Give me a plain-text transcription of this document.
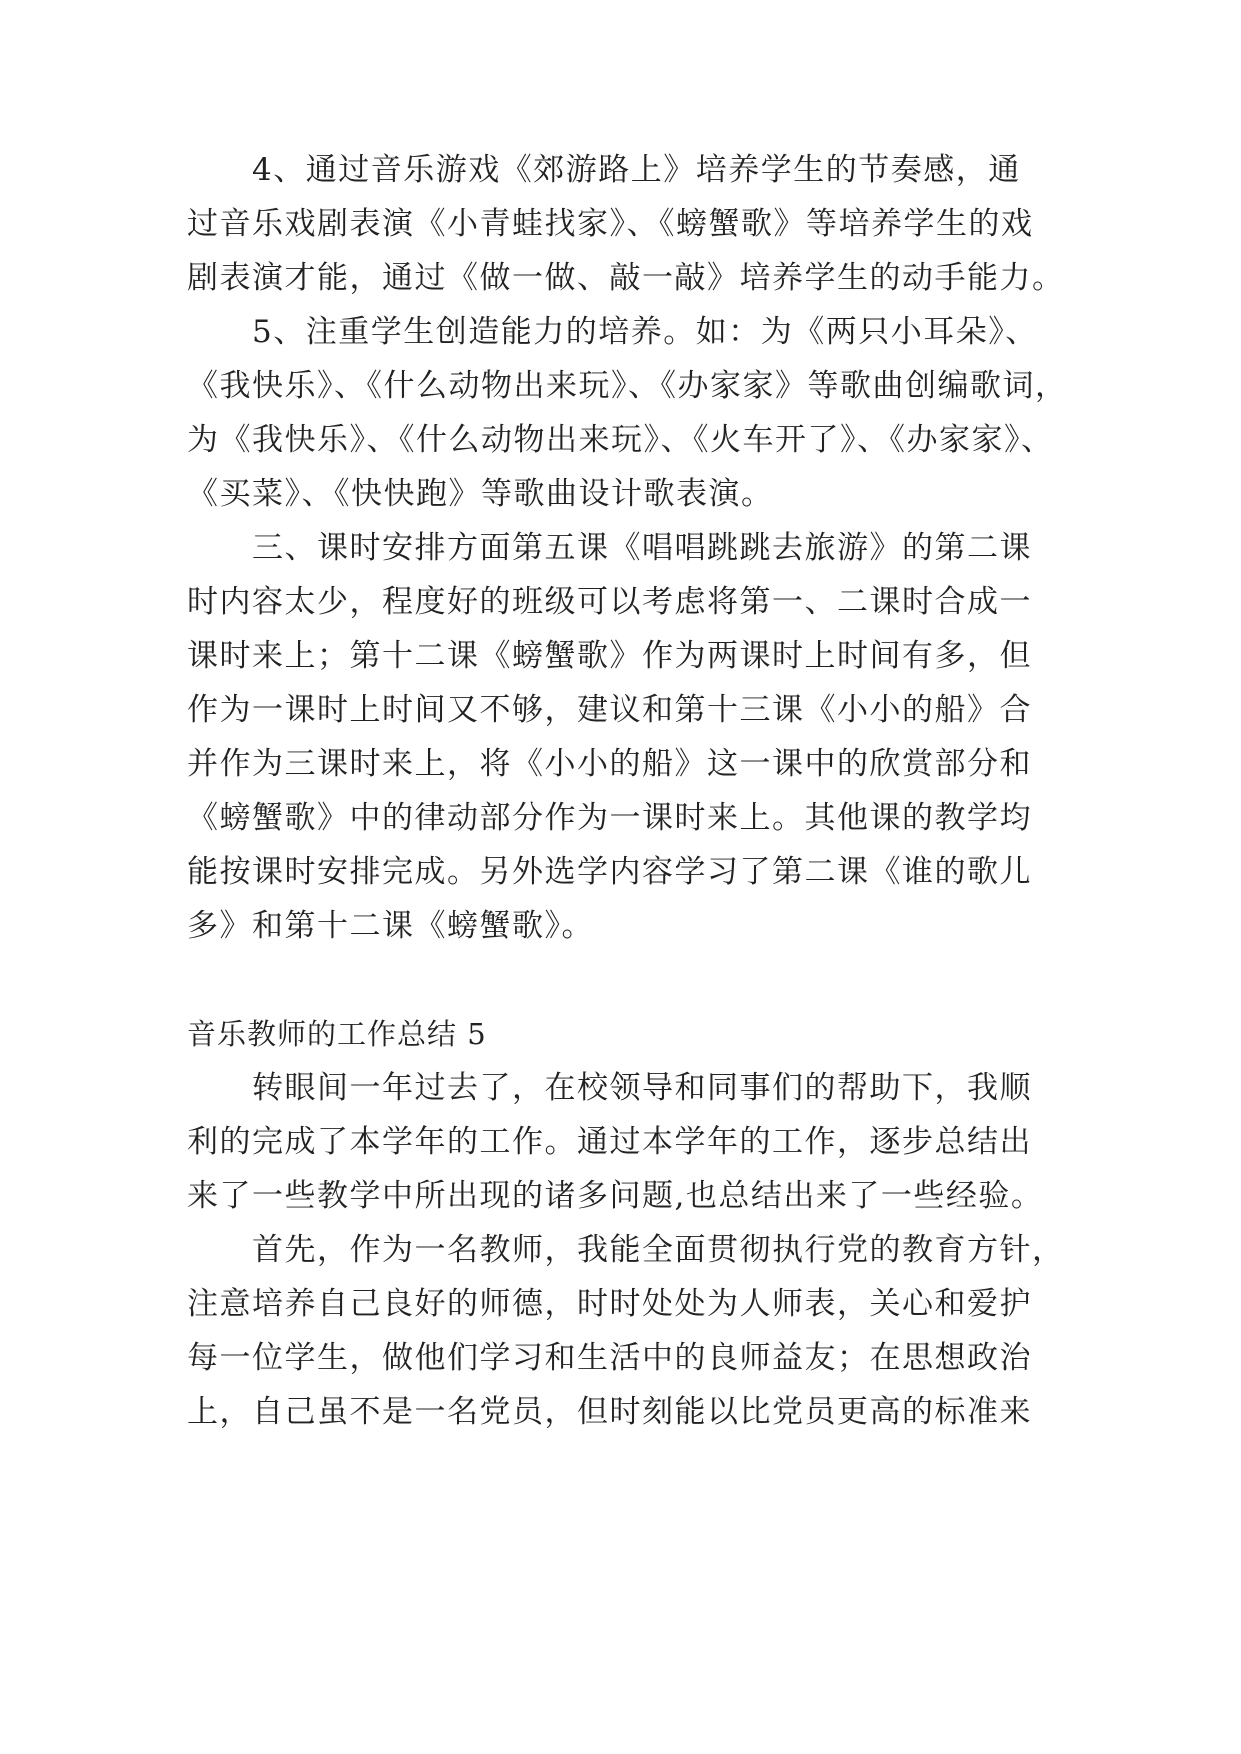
4、通过音乐游戏《郊游路上》培养学生的节奏感，通
过音乐戏剧表演《小青蛙找家》、《螃蟹歌》等培养学生的戏
剧表演才能，通过《做一做、敲一敲》培养学生的动手能力。
5、注重学生创造能力的培养。如：为《两只小耳朵》、
《我快乐》、《什么动物出来玩》、《办家家》等歌曲创编歌词，
为《我快乐》、《什么动物出来玩》、《火车开了》、《办家家》、
《买菜》、《快快跑》等歌曲设计歌表演。
三、课时安排方面第五课《唱唱跳跳去旅游》的第二课
时内容太少，程度好的班级可以考虑将第一、二课时合成一
课时来上；第十二课《螃蟹歌》作为两课时上时间有多，但
作为一课时上时间又不够，建议和第十三课《小小的船》合
并作为三课时来上，将《小小的船》这一课中的欣赏部分和
《螃蟹歌》中的律动部分作为一课时来上。其他课的教学均
能按课时安排完成。另外选学内容学习了第二课《谁的歌儿
多》和第十二课《螃蟹歌》。
音乐教师的工作总结 5
转眼间一年过去了，在校领导和同事们的帮助下，我顺
利的完成了本学年的工作。通过本学年的工作，逐步总结出
来了一些教学中所出现的诸多问题,也总结出来了一些经验。
首先，作为一名教师，我能全面贯彻执行党的教育方针，
注意培养自己良好的师德，时时处处为人师表，关心和爱护
每一位学生，做他们学习和生活中的良师益友；在思想政治
上，自己虽不是一名党员，但时刻能以比党员更高的标准来
